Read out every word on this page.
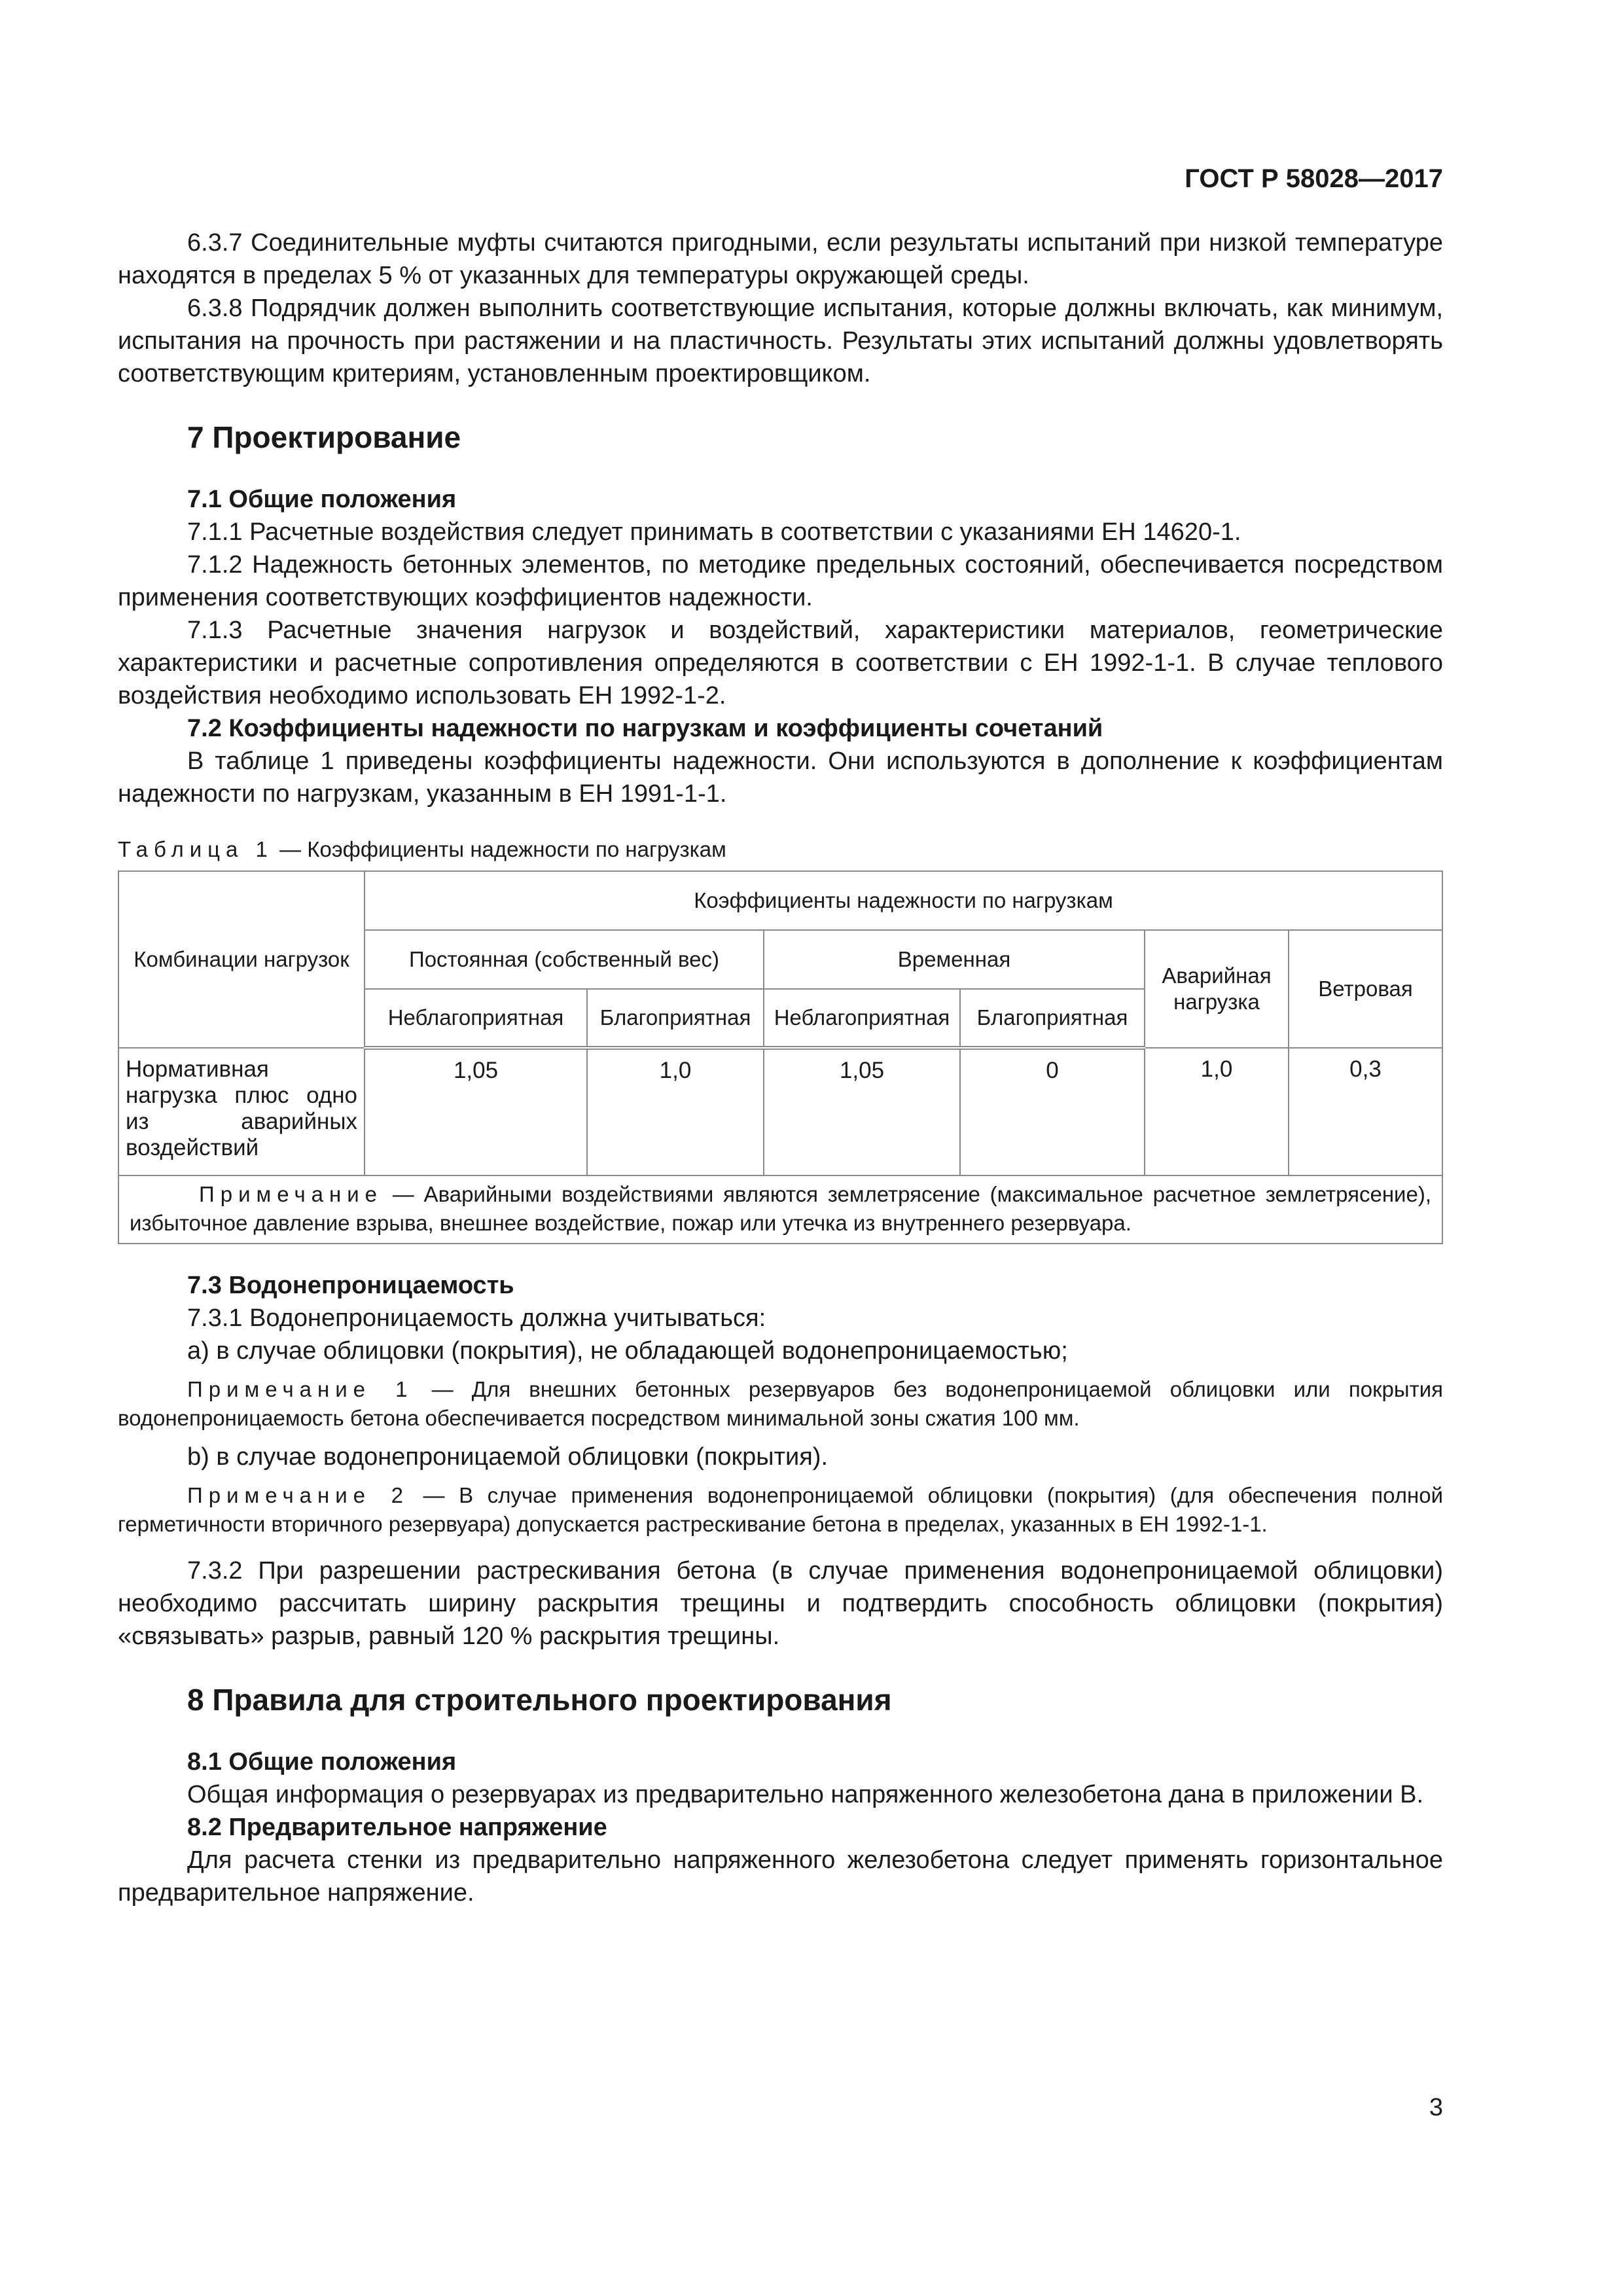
ГОСТ Р 58028—2017

6.3.7 Соединительные муфты считаются пригодными, если результаты испытаний при низкой температуре находятся в пределах 5 % от указанных для температуры окружающей среды.

6.3.8 Подрядчик должен выполнить соответствующие испытания, которые должны включать, как минимум, испытания на прочность при растяжении и на пластичность. Результаты этих испытаний должны удовлетворять соответствующим критериям, установленным проектировщиком.

7 Проектирование

7.1 Общие положения

7.1.1 Расчетные воздействия следует принимать в соответствии с указаниями ЕН 14620-1.

7.1.2 Надежность бетонных элементов, по методике предельных состояний, обеспечивается посредством применения соответствующих коэффициентов надежности.

7.1.3 Расчетные значения нагрузок и воздействий, характеристики материалов, геометрические характеристики и расчетные сопротивления определяются в соответствии с ЕН 1992-1-1. В случае теплового воздействия необходимо использовать ЕН 1992-1-2.

7.2 Коэффициенты надежности по нагрузкам и коэффициенты сочетаний

В таблице 1 приведены коэффициенты надежности. Они используются в дополнение к коэффициентам надежности по нагрузкам, указанным в ЕН 1991-1-1.

Таблица 1 — Коэффициенты надежности по нагрузкам
Комбинации нагрузок	Коэффициенты надежности по нагрузкам					
	Постоянная (собственный вес)		Временная		Аварийная нагрузка	Ветровая
	Неблагоприятная	Благоприятная	Неблагоприятная	Благоприятная		
Нормативная нагрузка плюс одно из аварийных воздействий	1,05	1,0	1,05	0	1,0	0,3
Примечание — Аварийными воздействиями являются землетрясение (максимальное расчетное землетрясение), избыточное давление взрыва, внешнее воздействие, пожар или утечка из внутреннего резервуара.						

7.3 Водонепроницаемость

7.3.1 Водонепроницаемость должна учитываться:

a) в случае облицовки (покрытия), не обладающей водонепроницаемостью;

Примечание 1 — Для внешних бетонных резервуаров без водонепроницаемой облицовки или покрытия водонепроницаемость бетона обеспечивается посредством минимальной зоны сжатия 100 мм.

b) в случае водонепроницаемой облицовки (покрытия).

Примечание 2 — В случае применения водонепроницаемой облицовки (покрытия) (для обеспечения полной герметичности вторичного резервуара) допускается растрескивание бетона в пределах, указанных в ЕН 1992-1-1.

7.3.2 При разрешении растрескивания бетона (в случае применения водонепроницаемой облицовки) необходимо рассчитать ширину раскрытия трещины и подтвердить способность облицовки (покрытия) «связывать» разрыв, равный 120 % раскрытия трещины.

8 Правила для строительного проектирования

8.1 Общие положения

Общая информация о резервуарах из предварительно напряженного железобетона дана в приложении В.

8.2 Предварительное напряжение

Для расчета стенки из предварительно напряженного железобетона следует применять горизонтальное предварительное напряжение.

3
